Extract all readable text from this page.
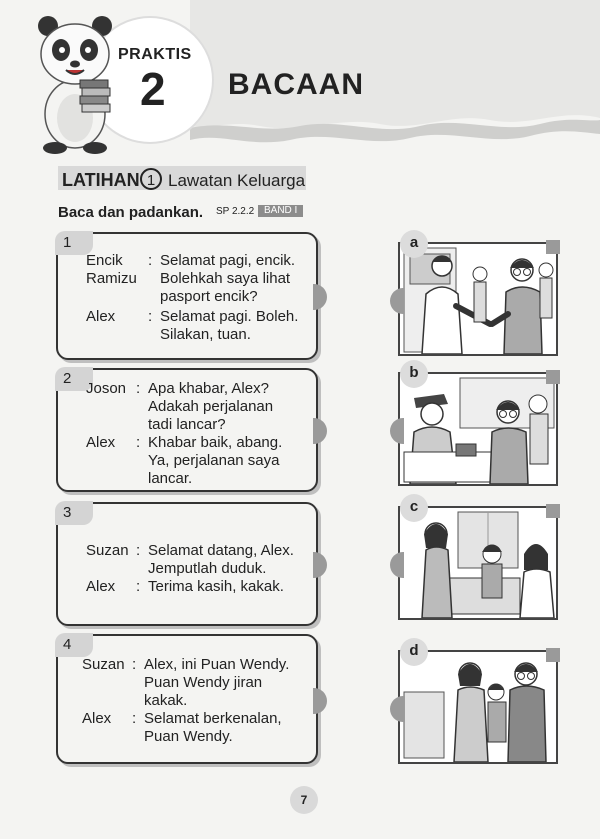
PRAKTIS
2 BACAAN
LATIHAN 1 Lawatan Keluarga
Baca dan padankan. SP 2.2.2 BAND I
1
Encik : Selamat pagi, encik.
Ramizu Bolehkah saya lihat
pasport encik?
Alex : Selamat pagi. Boleh.
Silakan, tuan.
2
Joson : Apa khabar, Alex?
Adakah perjalanan
tadi lancar?
Alex : Khabar baik, abang.
Ya, perjalanan saya
lancar.
3
Suzan : Selamat datang, Alex.
Jemputlah duduk.
Alex : Terima kasih, kakak.
4
Suzan : Alex, ini Puan Wendy.
Puan Wendy jiran
kakak.
Alex : Selamat berkenalan,
Puan Wendy.
a
b
c
d
7
